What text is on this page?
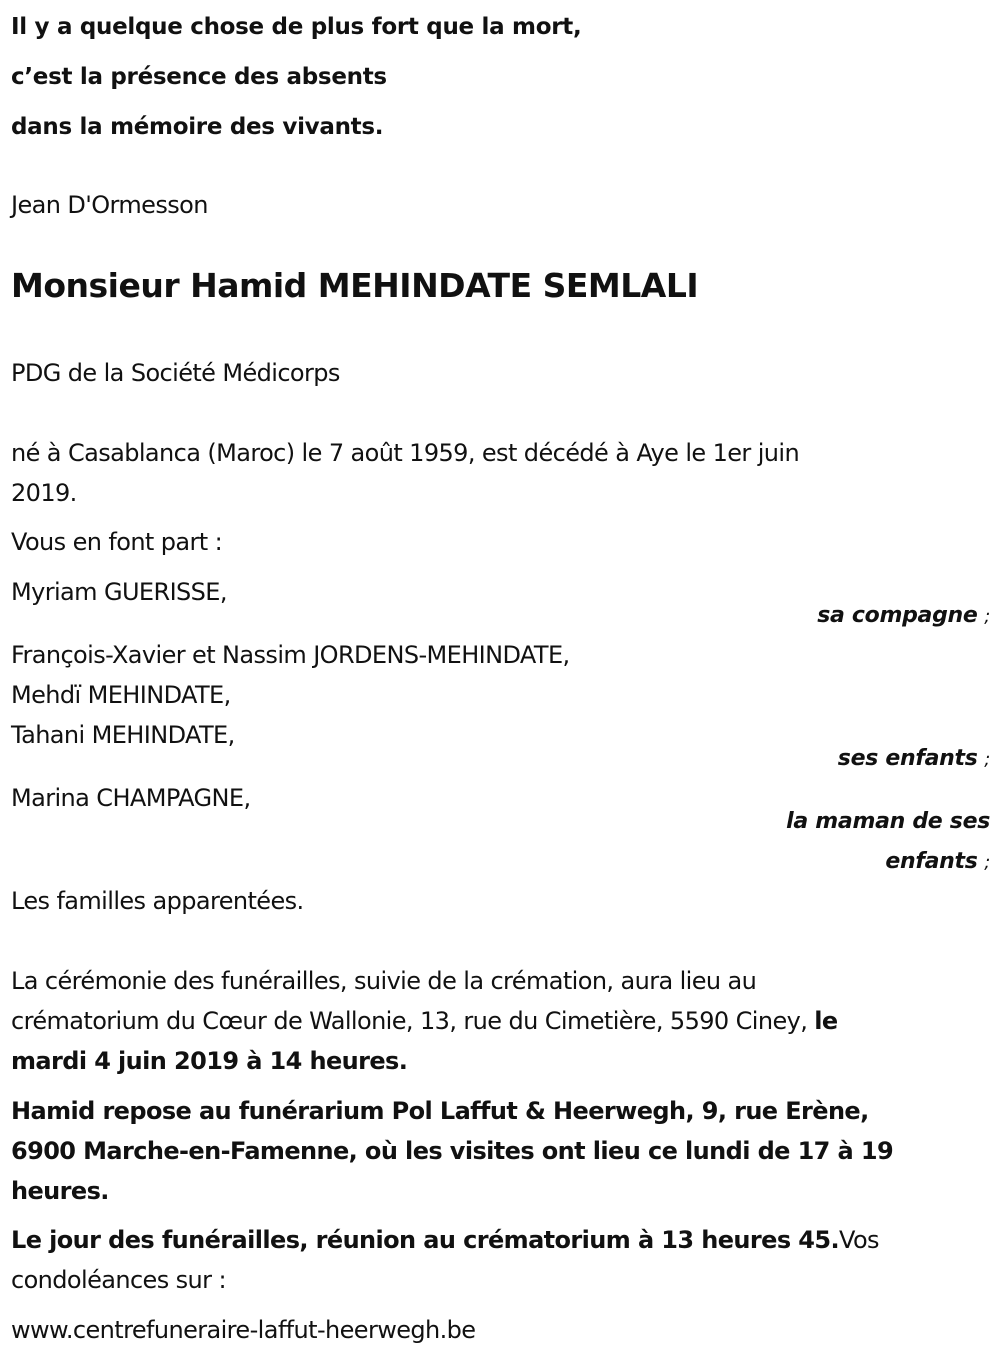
Il y a quelque chose de plus fort que la mort,
c’est la présence des absents
dans la mémoire des vivants.
Jean D'Ormesson
Monsieur Hamid MEHINDATE SEMLALI
PDG de la Société Médicorps
né à Casablanca (Maroc) le 7 août 1959, est décédé à Aye le 1er juin
2019.
Vous en font part :
Myriam GUERISSE,
sa compagne ;
François-Xavier et Nassim JORDENS-MEHINDATE,
Mehdï MEHINDATE,
Tahani MEHINDATE,
ses enfants ;
Marina CHAMPAGNE,
la maman de ses
enfants ;
Les familles apparentées.
La cérémonie des funérailles, suivie de la crémation, aura lieu au
crématorium du Cœur de Wallonie, 13, rue du Cimetière, 5590 Ciney, le
mardi 4 juin 2019 à 14 heures.
Hamid repose au funérarium Pol Laffut & Heerwegh, 9, rue Erène,
6900 Marche-en-Famenne, où les visites ont lieu ce lundi de 17 à 19
heures.
Le jour des funérailles, réunion au crématorium à 13 heures 45.Vos
condoléances sur :
www.centrefuneraire-laffut-heerwegh.be
